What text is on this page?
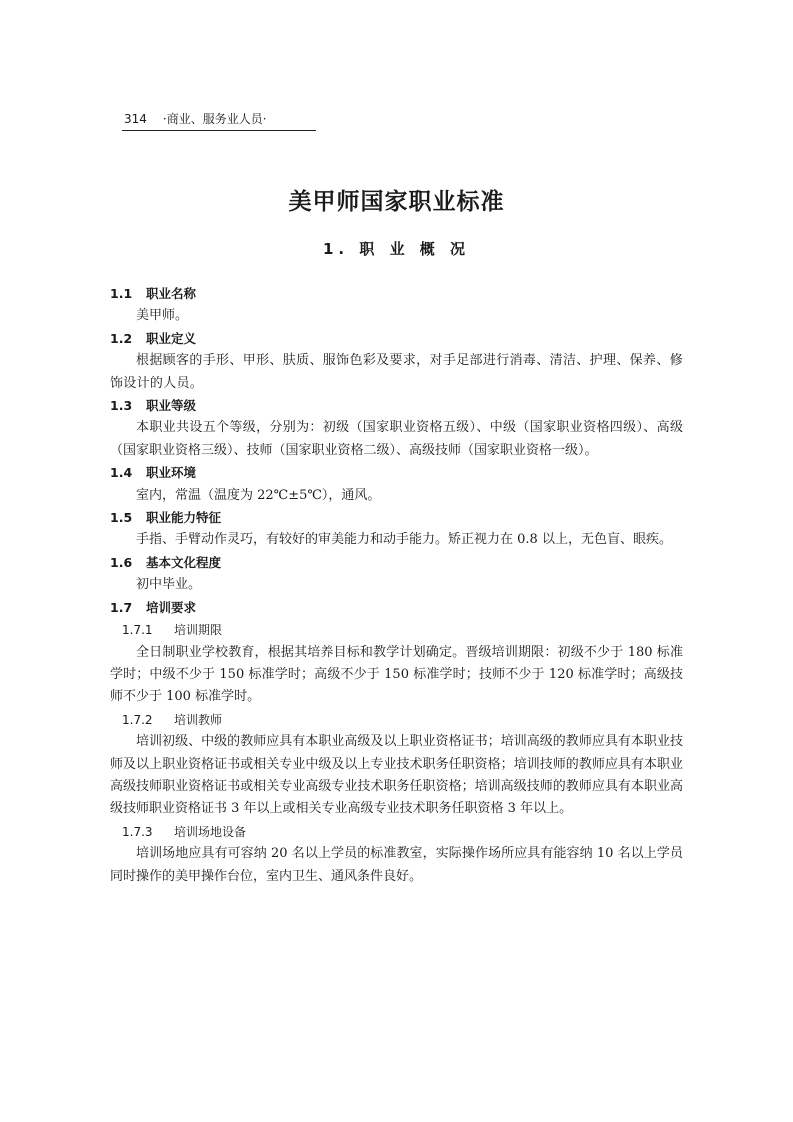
314 ·商业、服务业人员·
美甲师国家职业标准
1. 职 业 概 况
1.1 职业名称
美甲师。
1.2 职业定义
根据顾客的手形、甲形、肤质、服饰色彩及要求，对手足部进行消毒、清洁、护理、保养、修饰设计的人员。
1.3 职业等级
本职业共设五个等级，分别为：初级（国家职业资格五级）、中级（国家职业资格四级）、高级（国家职业资格三级）、技师（国家职业资格二级）、高级技师（国家职业资格一级）。
1.4 职业环境
室内，常温（温度为 22℃±5℃），通风。
1.5 职业能力特征
手指、手臂动作灵巧，有较好的审美能力和动手能力。矫正视力在 0.8 以上，无色盲、眼疾。
1.6 基本文化程度
初中毕业。
1.7 培训要求
1.7.1 培训期限
全日制职业学校教育，根据其培养目标和教学计划确定。晋级培训期限：初级不少于 180 标准学时；中级不少于 150 标准学时；高级不少于 150 标准学时；技师不少于 120 标准学时；高级技师不少于 100 标准学时。
1.7.2 培训教师
培训初级、中级的教师应具有本职业高级及以上职业资格证书；培训高级的教师应具有本职业技师及以上职业资格证书或相关专业中级及以上专业技术职务任职资格；培训技师的教师应具有本职业高级技师职业资格证书或相关专业高级专业技术职务任职资格；培训高级技师的教师应具有本职业高级技师职业资格证书 3 年以上或相关专业高级专业技术职务任职资格 3 年以上。
1.7.3 培训场地设备
培训场地应具有可容纳 20 名以上学员的标准教室，实际操作场所应具有能容纳 10 名以上学员同时操作的美甲操作台位，室内卫生、通风条件良好。
